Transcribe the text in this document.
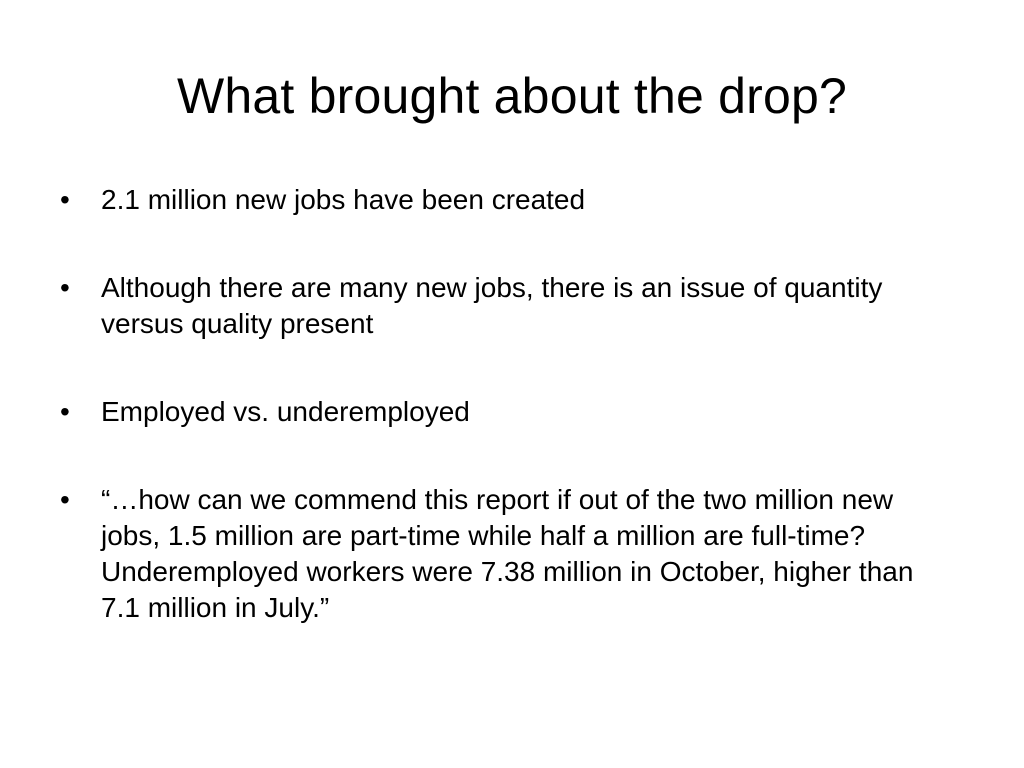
What brought about the drop?
•	2.1 million new jobs have been created
•	Although there are many new jobs, there is an issue of quantity versus quality present
•	Employed vs. underemployed
•	“…how can we commend this report if out of the two million new jobs, 1.5 million are part-time while half a million are full-time? Underemployed workers were 7.38 million in October, higher than 7.1 million in July.”
